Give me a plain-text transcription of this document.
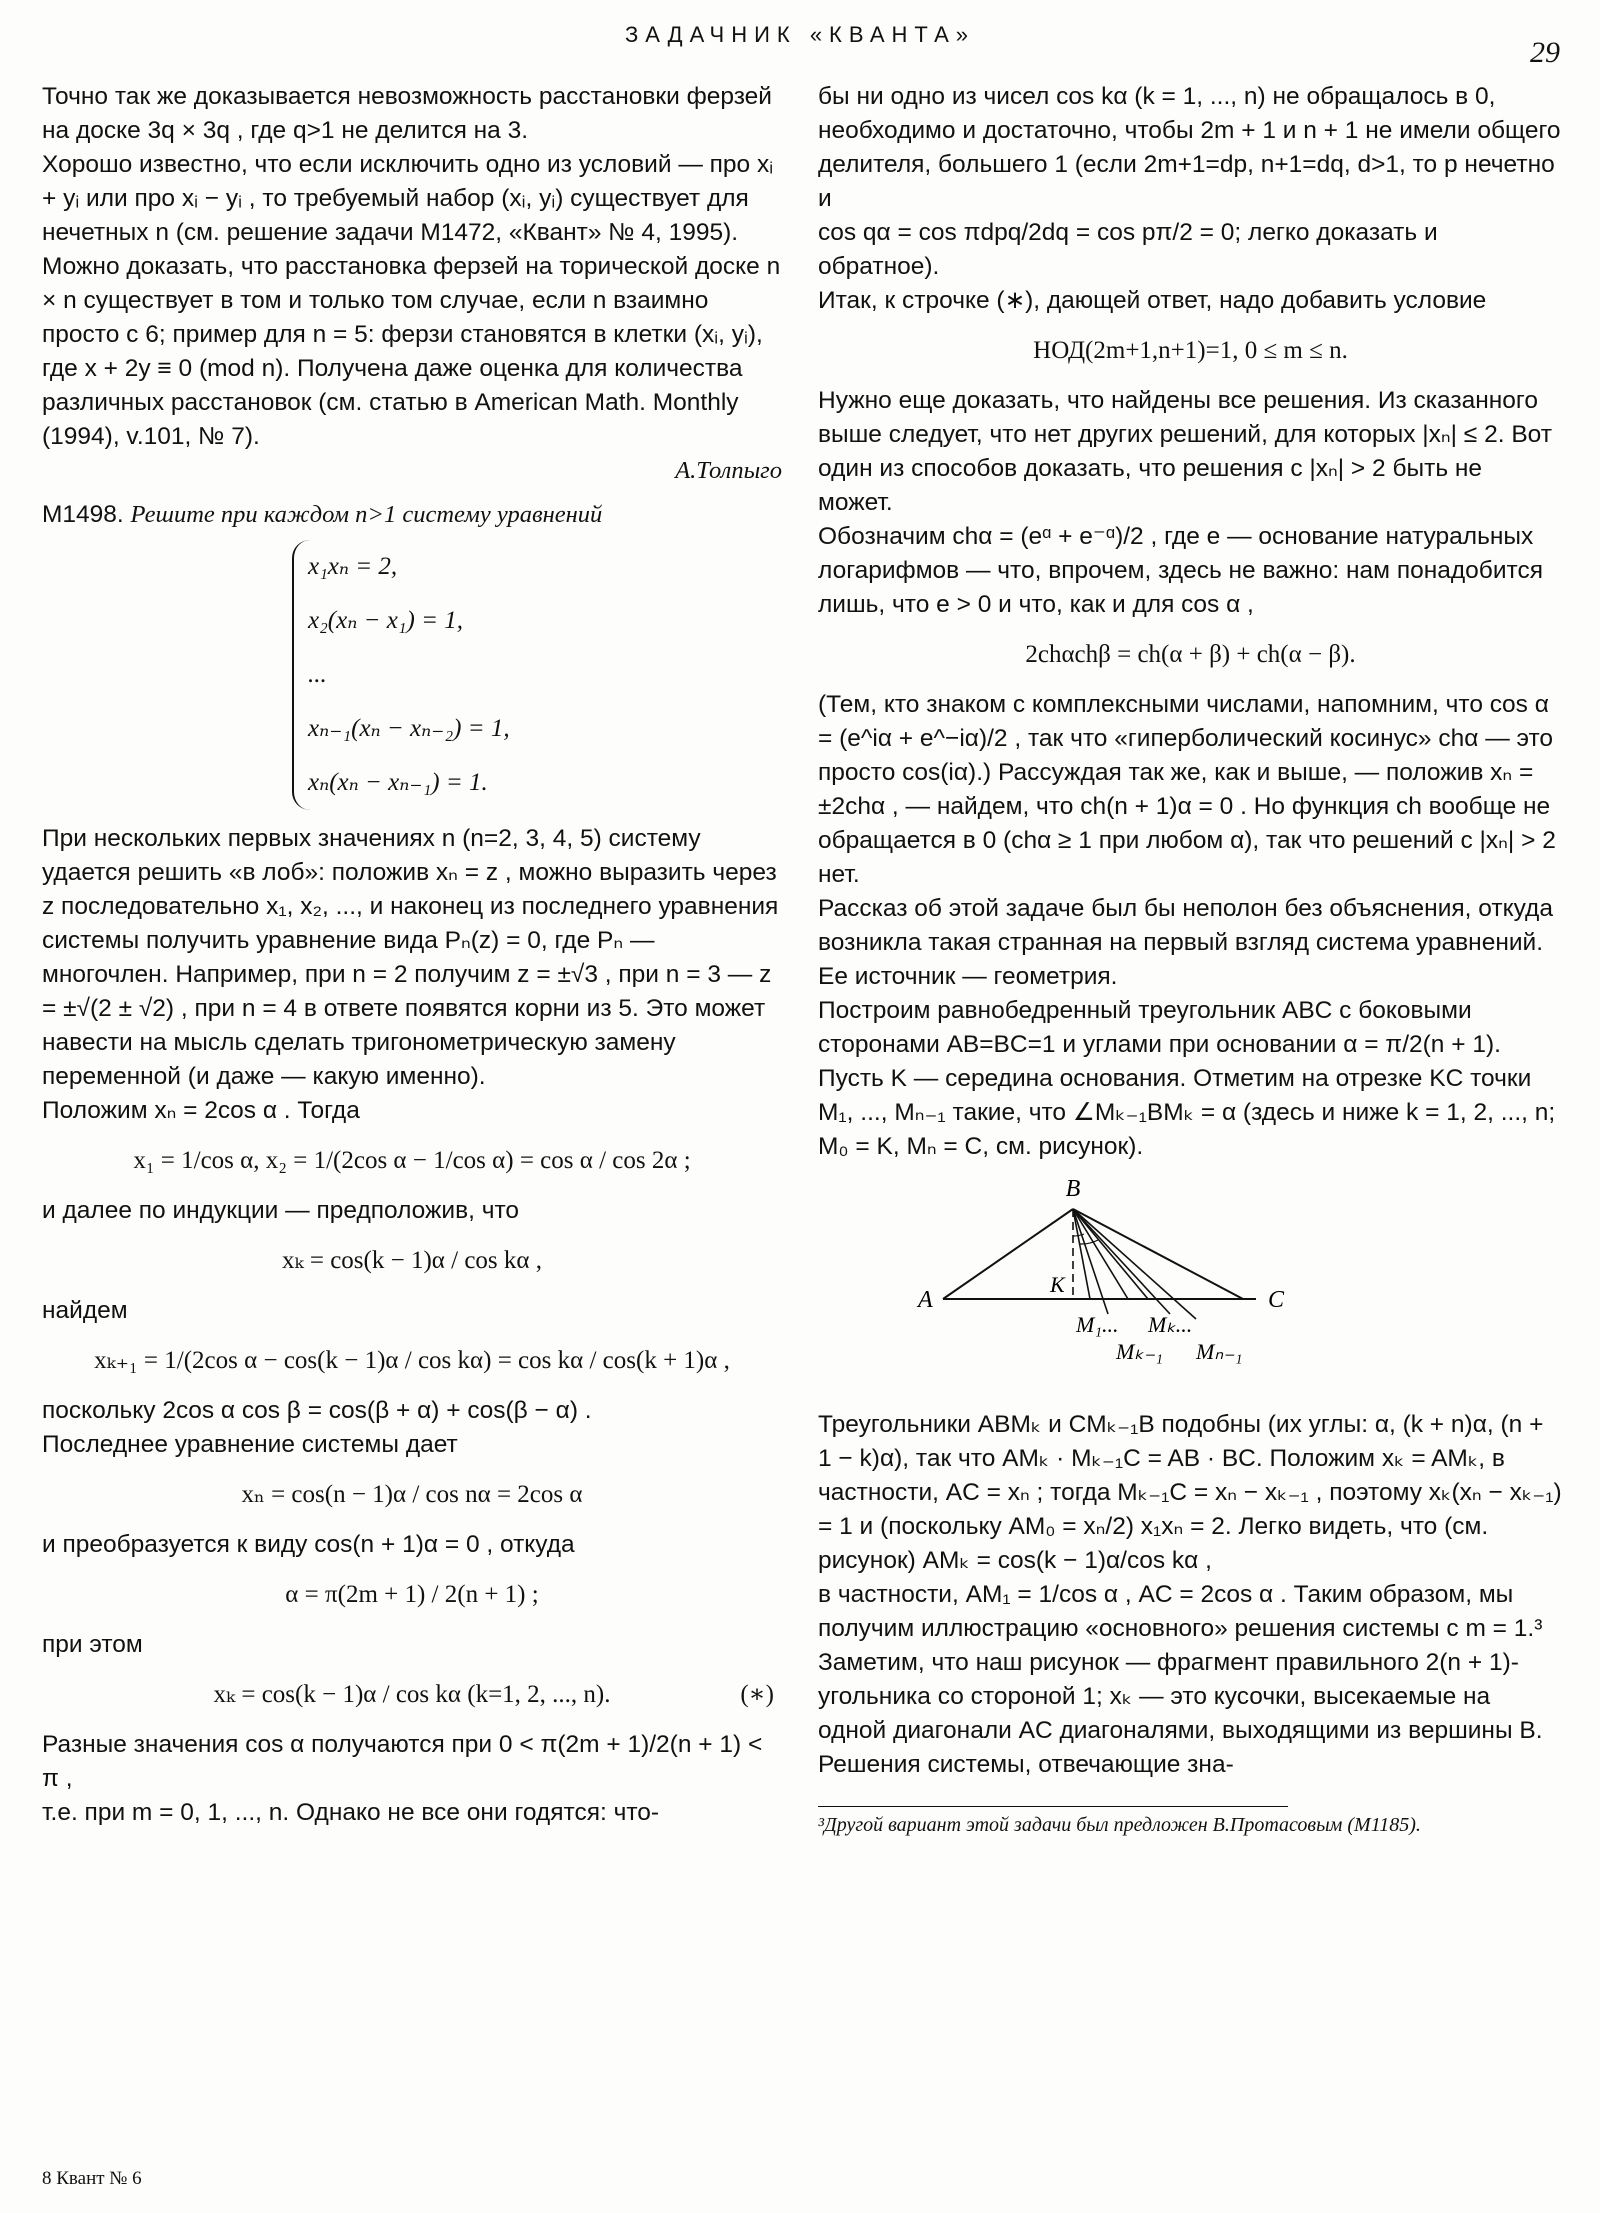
ЗАДАЧНИК «КВАНТА»
29

Точно так же доказывается невозможность расстановки ферзей на доске 3q × 3q , где q>1 не делится на 3.

Хорошо известно, что если исключить одно из условий — про xᵢ + yᵢ или про xᵢ − yᵢ , то требуемый набор (xᵢ, yᵢ) существует для нечетных n (см. решение задачи M1472, «Квант» № 4, 1995). Можно доказать, что расстановка ферзей на торической доске n × n существует в том и только том случае, если n взаимно просто с 6; пример для n = 5: ферзи становятся в клетки (xᵢ, yᵢ), где x + 2y ≡ 0 (mod n). Получена даже оценка для количества различных расстановок (см. статью в American Math. Monthly (1994), v.101, № 7).

А.Толпыго

M1498. Решите при каждом n>1 систему уравнений

x₁xₙ = 2,
x₂(xₙ − x₁) = 1,
...
xₙ₋₁(xₙ − xₙ₋₂) = 1,
xₙ(xₙ − xₙ₋₁) = 1.

При нескольких первых значениях n (n=2, 3, 4, 5) систему удается решить «в лоб»: положив xₙ = z , можно выразить через z последовательно x₁, x₂, ..., и наконец из последнего уравнения системы получить уравнение вида Pₙ(z) = 0, где Pₙ — многочлен. Например, при n = 2 получим z = ±√3 , при n = 3 — z = ±√(2 ± √2) , при n = 4 в ответе появятся корни из 5. Это может навести на мысль сделать тригонометрическую замену переменной (и даже — какую именно).

Положим xₙ = 2cos α . Тогда

x₁ = 1/cos α, x₂ = 1/(2cos α − 1/cos α) = cos α / cos 2α ;

и далее по индукции — предположив, что

xₖ = cos(k − 1)α / cos kα ,

найдем

xₖ₊₁ = 1/(2cos α − cos(k − 1)α / cos kα) = cos kα / cos(k + 1)α ,

поскольку 2cos α cos β = cos(β + α) + cos(β − α) .

Последнее уравнение системы дает

xₙ = cos(n − 1)α / cos nα = 2cos α

и преобразуется к виду cos(n + 1)α = 0 , откуда

α = π(2m + 1) / 2(n + 1) ;

при этом

xₖ = cos(k − 1)α / cos kα (k=1, 2, ..., n).	(∗)

Разные значения cos α получаются при 0 < π(2m + 1)/2(n + 1) < π ,

т.е. при m = 0, 1, ..., n. Однако не все они годятся: что-

бы ни одно из чисел cos kα (k = 1, ..., n) не обращалось в 0, необходимо и достаточно, чтобы 2m + 1 и n + 1 не имели общего делителя, большего 1 (если 2m+1=dp, n+1=dq, d>1, то p нечетно и

cos qα = cos πdpq/2dq = cos pπ/2 = 0; легко доказать и обратное).

Итак, к строчке (∗), дающей ответ, надо добавить условие

НОД(2m+1,n+1)=1, 0 ≤ m ≤ n.

Нужно еще доказать, что найдены все решения. Из сказанного выше следует, что нет других решений, для которых |xₙ| ≤ 2. Вот один из способов доказать, что решения с |xₙ| > 2 быть не может.

Обозначим chα = (eᵅ + e⁻ᵅ)/2 , где e — основание натуральных логарифмов — что, впрочем, здесь не важно: нам понадобится лишь, что e > 0 и что, как и для cos α ,

2chαchβ = ch(α + β) + ch(α − β).

(Тем, кто знаком с комплексными числами, напомним, что cos α = (e^iα + e^−iα)/2 , так что «гиперболический косинус» chα — это просто cos(iα).) Рассуждая так же, как и выше, — положив xₙ = ±2chα , — найдем, что ch(n + 1)α = 0 . Но функция ch вообще не обращается в 0 (chα ≥ 1 при любом α), так что решений с |xₙ| > 2 нет.

Рассказ об этой задаче был бы неполон без объяснения, откуда возникла такая странная на первый взгляд система уравнений. Ее источник — геометрия.

Построим равнобедренный треугольник ABC с боковыми сторонами AB=BC=1 и углами при основании α = π/2(n + 1). Пусть K — середина основания. Отметим на отрезке KC точки M₁, ..., Mₙ₋₁ такие, что ∠Mₖ₋₁BMₖ = α (здесь и ниже k = 1, 2, ..., n; M₀ = K, Mₙ = C, см. рисунок).

B
A	C
K
M₁... Mₖ...
Mₖ₋₁ Mₙ₋₁

Треугольники ABMₖ и CMₖ₋₁B подобны (их углы: α, (k + n)α, (n + 1 − k)α), так что AMₖ · Mₖ₋₁C = AB · BC. Положим xₖ = AMₖ, в частности, AC = xₙ ; тогда Mₖ₋₁C = xₙ − xₖ₋₁ , поэтому xₖ(xₙ − xₖ₋₁) = 1 и (поскольку AM₀ = xₙ/2) x₁xₙ = 2. Легко видеть, что (см. рисунок) AMₖ = cos(k − 1)α/cos kα ,

в частности, AM₁ = 1/cos α , AC = 2cos α . Таким образом, мы получим иллюстрацию «основного» решения системы с m = 1.³

Заметим, что наш рисунок — фрагмент правильного 2(n + 1)-угольника со стороной 1; xₖ — это кусочки, высекаемые на одной диагонали AC диагоналями, выходящими из вершины B. Решения системы, отвечающие зна-

³Другой вариант этой задачи был предложен В.Протасовым (M1185).

8 Квант № 6
